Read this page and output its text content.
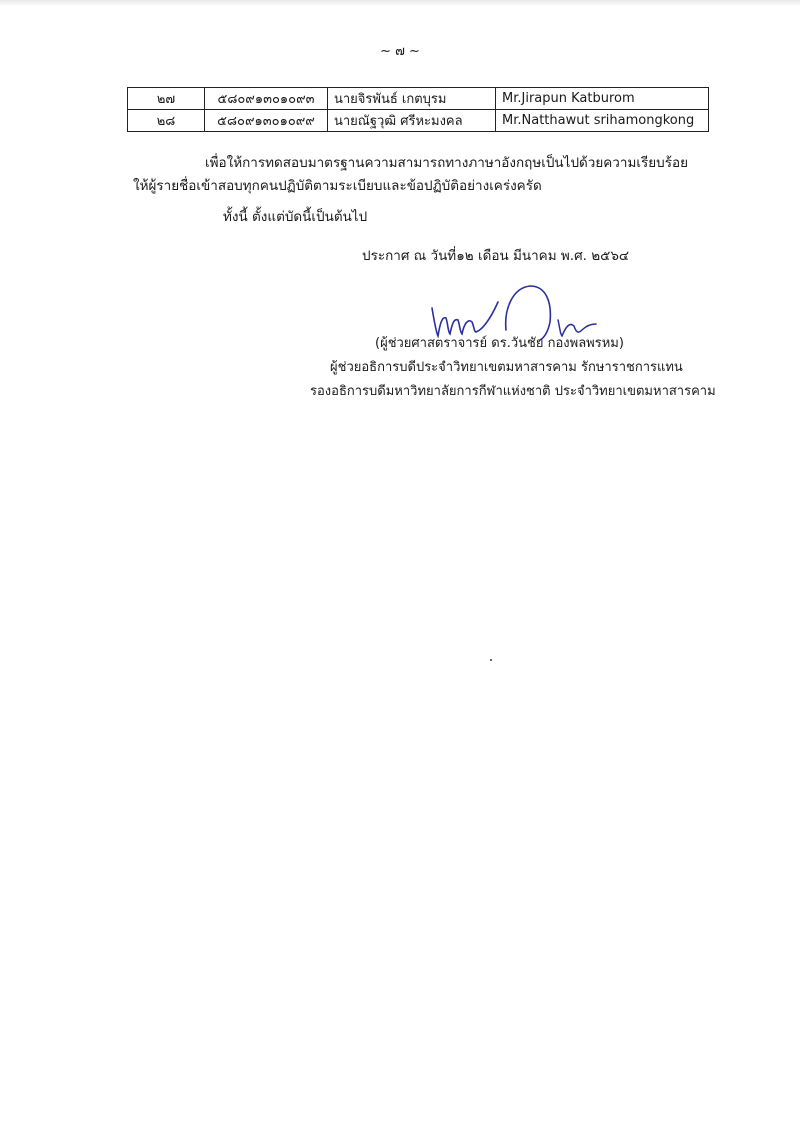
~ ๗ ~
๒๗	๕๘๐๙๑๓๐๑๐๙๓	นายจิรพันธ์ เกตบุรม	Mr.Jirapun Katburom
๒๘	๕๘๐๙๑๓๐๑๐๙๙	นายณัฐวุฒิ ศรีหะมงคล	Mr.Natthawut srihamongkong
เพื่อให้การทดสอบมาตรฐานความสามารถทางภาษาอังกฤษเป็นไปด้วยความเรียบร้อย
ให้ผู้รายชื่อเข้าสอบทุกคนปฏิบัติตามระเบียบและข้อปฏิบัติอย่างเคร่งครัด
ทั้งนี้ ตั้งแต่บัดนี้เป็นต้นไป
ประกาศ ณ วันที่๑๒ เดือน มีนาคม พ.ศ. ๒๕๖๔
(ผู้ช่วยศาสตราจารย์ ดร.วันชัย กองพลพรหม)
ผู้ช่วยอธิการบดีประจำวิทยาเขตมหาสารคาม รักษาราชการแทน
รองอธิการบดีมหาวิทยาลัยการกีฬาแห่งชาติ ประจำวิทยาเขตมหาสารคาม
